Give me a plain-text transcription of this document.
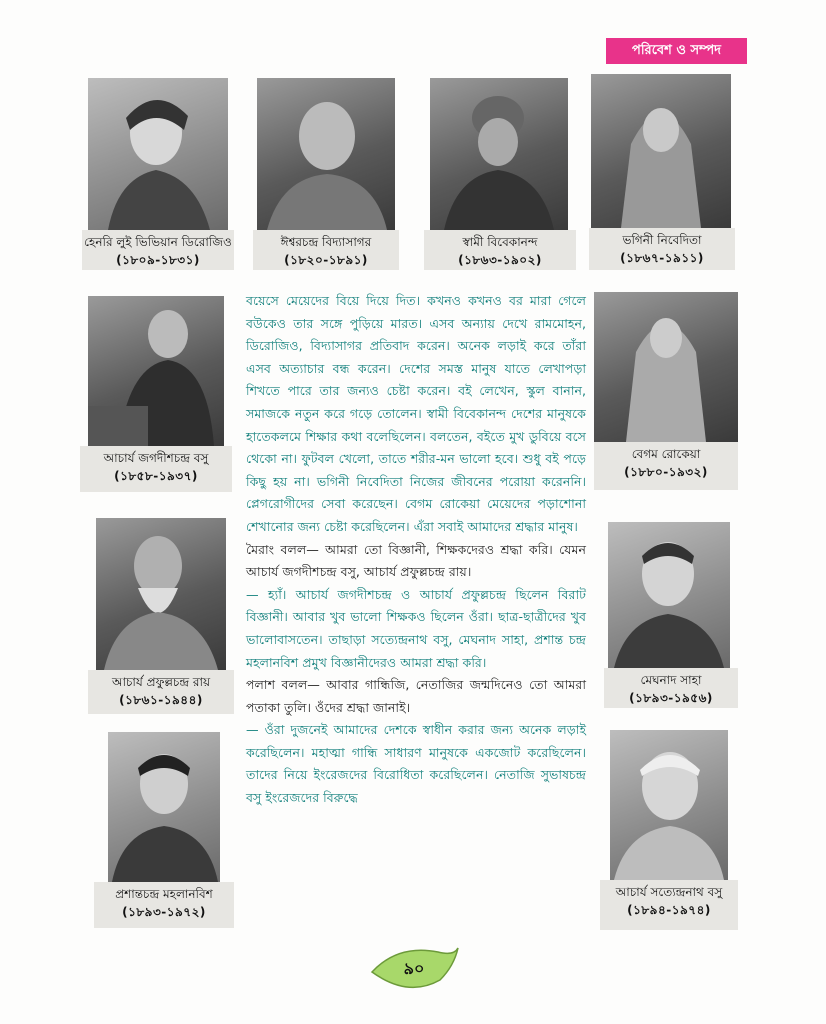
পরিবেশ ও সম্পদ
হেনরি লুই ভিভিয়ান ডিরোজিও
(১৮০৯-১৮৩১)
ঈশ্বরচন্দ্র বিদ্যাসাগর
(১৮২০-১৮৯১)
স্বামী বিবেকানন্দ
(১৮৬৩-১৯০২)
ভগিনী নিবেদিতা
(১৮৬৭-১৯১১)
আচার্য জগদীশচন্দ্র বসু
(১৮৫৮-১৯৩৭)
আচার্য প্রফুল্লচন্দ্র রায়
(১৮৬১-১৯৪৪)
প্রশান্তচন্দ্র মহলানবিশ
(১৮৯৩-১৯৭২)
বেগম রোকেয়া
(১৮৮০-১৯৩২)
মেঘনাদ সাহা
(১৮৯৩-১৯৫৬)
আচার্য সত্যেন্দ্রনাথ বসু
(১৮৯৪-১৯৭৪)

বয়েসে মেয়েদের বিয়ে দিয়ে দিত। কখনও কখনও বর মারা গেলে বউকেও তার সঙ্গে পুড়িয়ে মারত। এসব অন্যায় দেখে রামমোহন, ডিরোজিও, বিদ্যাসাগর প্রতিবাদ করেন। অনেক লড়াই করে তাঁরা এসব অত্যাচার বন্ধ করেন। দেশের সমস্ত মানুষ যাতে লেখাপড়া শিখতে পারে তার জন্যও চেষ্টা করেন। বই লেখেন, স্কুল বানান, সমাজকে নতুন করে গড়ে তোলেন। স্বামী বিবেকানন্দ দেশের মানুষকে হাতেকলমে শিক্ষার কথা বলেছিলেন। বলতেন, বইতে মুখ ডুবিয়ে বসে থেকো না। ফুটবল খেলো, তাতে শরীর-মন ভালো হবে। শুধু বই পড়ে কিছু হয় না। ভগিনী নিবেদিতা নিজের জীবনের পরোয়া করেননি। প্লেগরোগীদের সেবা করেছেন। বেগম রোকেয়া মেয়েদের পড়াশোনা শেখানোর জন্য চেষ্টা করেছিলেন। এঁরা সবাই আমাদের শ্রদ্ধার মানুষ।

মৈরাং বলল— আমরা তো বিজ্ঞানী, শিক্ষকদেরও শ্রদ্ধা করি। যেমন আচার্য জগদীশচন্দ্র বসু, আচার্য প্রফুল্লচন্দ্র রায়।

— হ্যাঁ। আচার্য জগদীশচন্দ্র ও আচার্য প্রফুল্লচন্দ্র ছিলেন বিরাট বিজ্ঞানী। আবার খুব ভালো শিক্ষকও ছিলেন ওঁরা। ছাত্র-ছাত্রীদের খুব ভালোবাসতেন। তাছাড়া সত্যেন্দ্রনাথ বসু, মেঘনাদ সাহা, প্রশান্ত চন্দ্র মহলানবিশ প্রমুখ বিজ্ঞানীদেরও আমরা শ্রদ্ধা করি।

পলাশ বলল— আবার গান্ধিজি, নেতাজির জন্মদিনেও তো আমরা পতাকা তুলি। ওঁদের শ্রদ্ধা জানাই।

— ওঁরা দুজনেই আমাদের দেশকে স্বাধীন করার জন্য অনেক লড়াই করেছিলেন। মহাত্মা গান্ধি সাধারণ মানুষকে একজোট করেছিলেন। তাদের নিয়ে ইংরেজদের বিরোধিতা করেছিলেন। নেতাজি সুভাষচন্দ্র বসু ইংরেজদের বিরুদ্ধে

৯০
